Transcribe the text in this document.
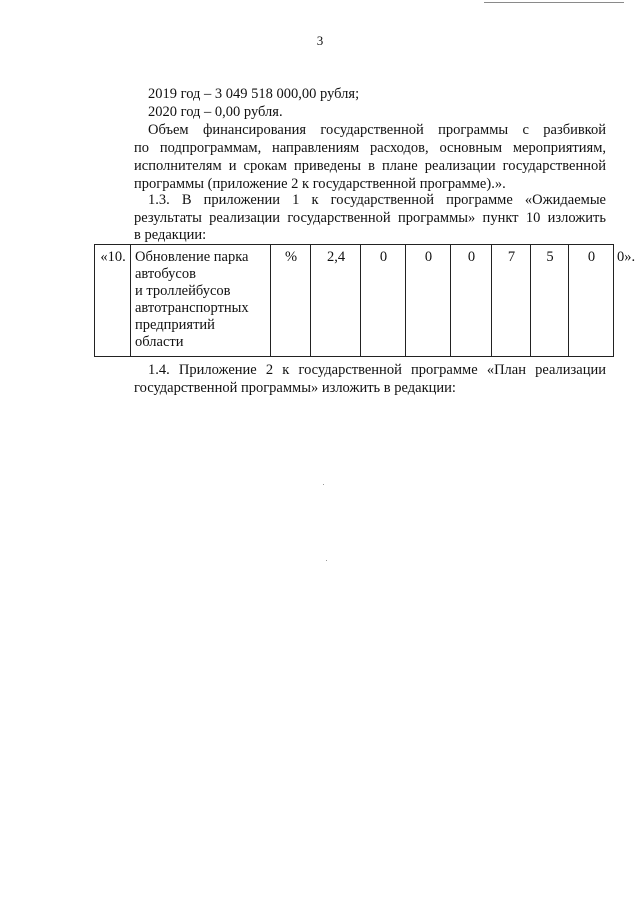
3
2019 год – 3 049 518 000,00 рубля;
2020 год – 0,00 рубля.
Объем финансирования государственной программы с разбивкой
по подпрограммам, направлениям расходов, основным мероприятиям,
исполнителям и срокам приведены в плане реализации государственной
программы (приложение 2 к государственной программе).».
1.3. В приложении 1 к государственной программе «Ожидаемые
результаты реализации государственной программы» пункт 10 изложить
в редакции:
«10.	Обновление парка
автобусов
и троллейбусов
автотранспортных
предприятий
области
	%	2,4	0	0	0	7	5	0	0».
1.4. Приложение 2 к государственной программе «План реализации
государственной программы» изложить в редакции:
